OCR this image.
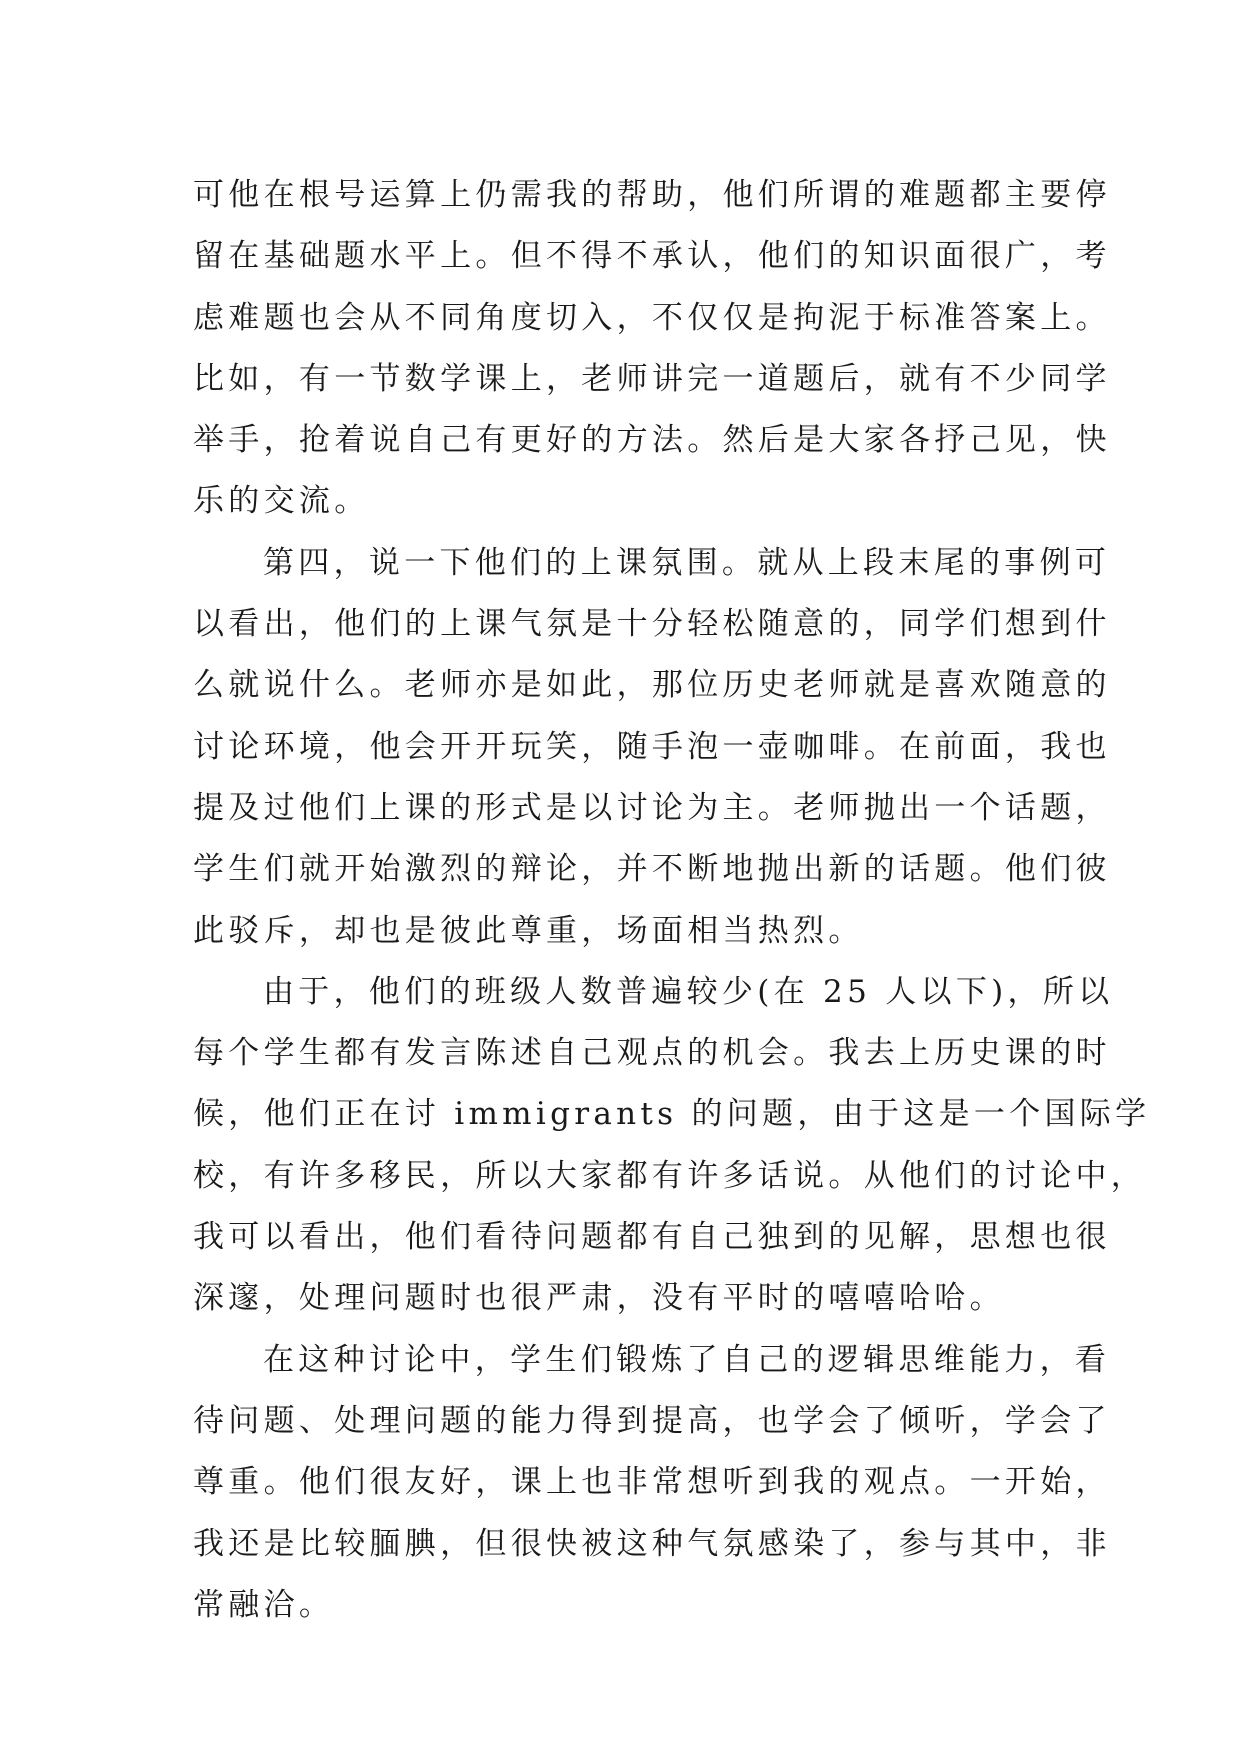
可他在根号运算上仍需我的帮助，他们所谓的难题都主要停
留在基础题水平上。但不得不承认，他们的知识面很广，考
虑难题也会从不同角度切入，不仅仅是拘泥于标准答案上。
比如，有一节数学课上，老师讲完一道题后，就有不少同学
举手，抢着说自己有更好的方法。然后是大家各抒己见，快
乐的交流。
第四，说一下他们的上课氛围。就从上段末尾的事例可
以看出，他们的上课气氛是十分轻松随意的，同学们想到什
么就说什么。老师亦是如此，那位历史老师就是喜欢随意的
讨论环境，他会开开玩笑，随手泡一壶咖啡。在前面，我也
提及过他们上课的形式是以讨论为主。老师抛出一个话题，
学生们就开始激烈的辩论，并不断地抛出新的话题。他们彼
此驳斥，却也是彼此尊重，场面相当热烈。
由于，他们的班级人数普遍较少(在 25 人以下)，所以
每个学生都有发言陈述自己观点的机会。我去上历史课的时
候，他们正在讨 immigrants 的问题，由于这是一个国际学
校，有许多移民，所以大家都有许多话说。从他们的讨论中，
我可以看出，他们看待问题都有自己独到的见解，思想也很
深邃，处理问题时也很严肃，没有平时的嘻嘻哈哈。
在这种讨论中，学生们锻炼了自己的逻辑思维能力，看
待问题、处理问题的能力得到提高，也学会了倾听，学会了
尊重。他们很友好，课上也非常想听到我的观点。一开始，
我还是比较腼腆，但很快被这种气氛感染了，参与其中，非
常融洽。
